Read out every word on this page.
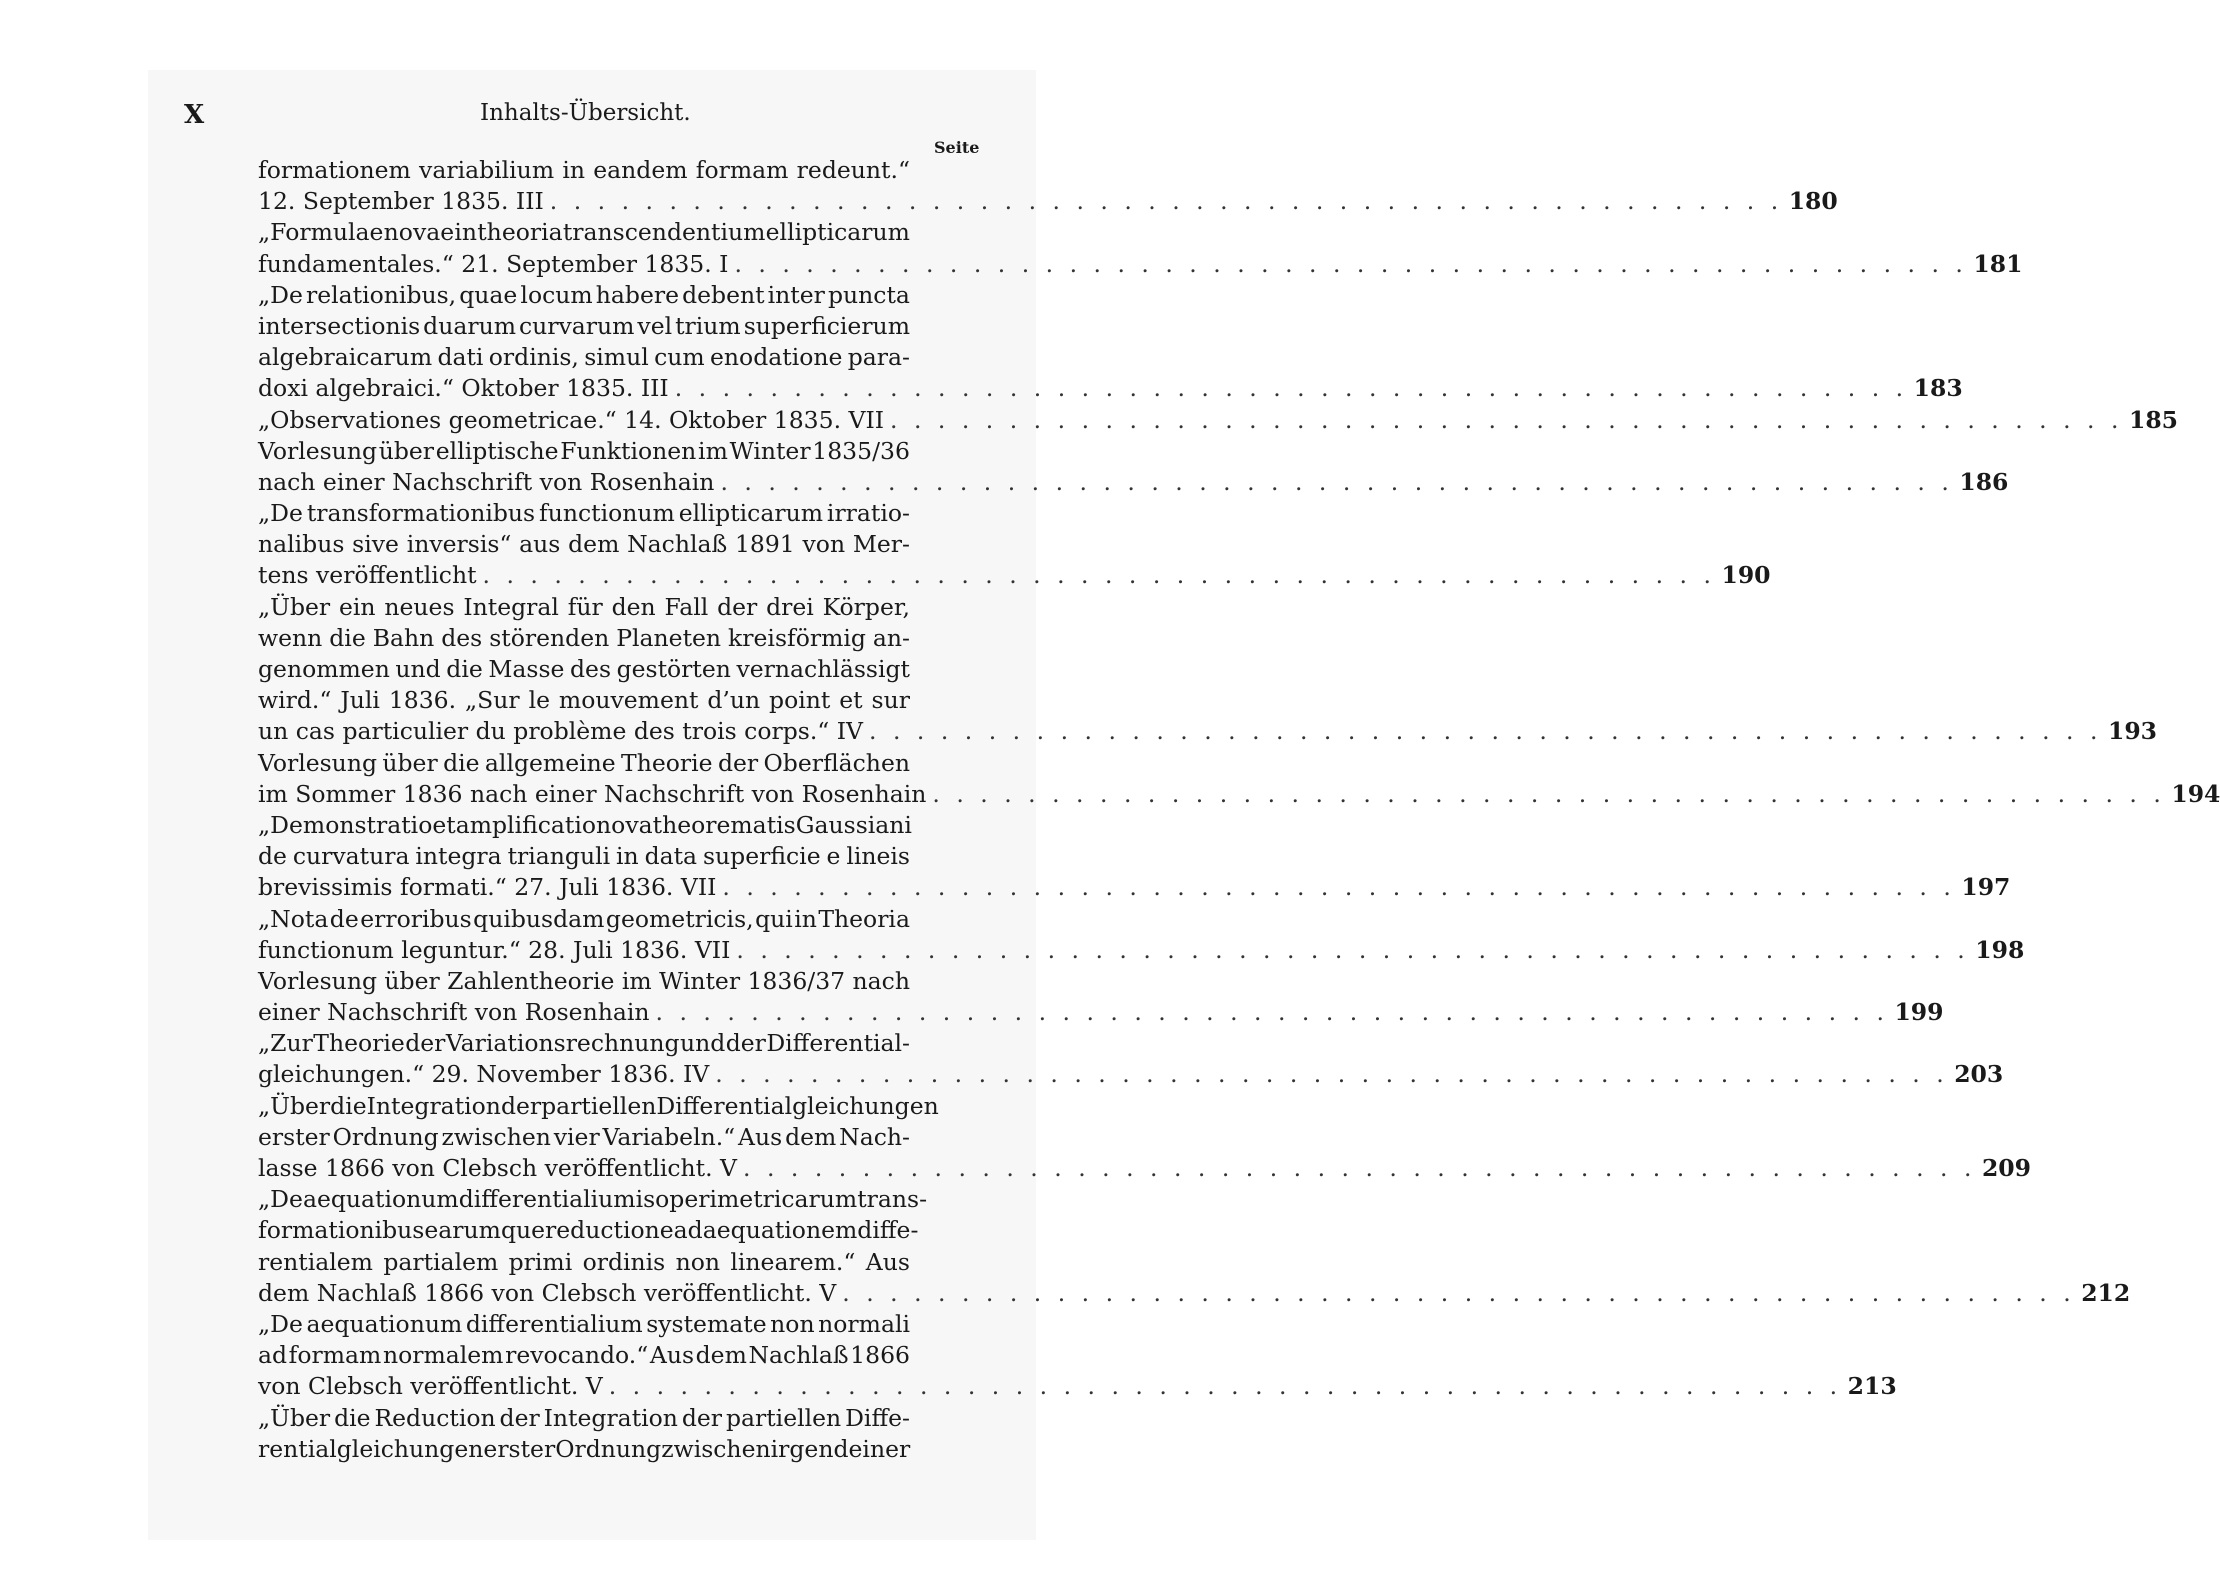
X	Inhalts-Übersicht.
Seite
formationem variabilium in eandem formam redeunt.“
12. September 1835. III . . .	180
„Formulae novae in theoria transcendentium ellipticarum
fundamentales.“ 21. September 1835. I . . .	181
„De relationibus, quae locum habere debent inter puncta
intersectionis duarum curvarum vel trium superficierum
algebraicarum dati ordinis, simul cum enodatione para-
doxi algebraici.“ Oktober 1835. III . . .	183
„Observationes geometricae.“ 14. Oktober 1835. VII . . .	185
Vorlesung über elliptische Funktionen im Winter 1835/36
nach einer Nachschrift von Rosenhain . . .	186
„De transformationibus functionum ellipticarum irratio-
nalibus sive inversis“ aus dem Nachlaß 1891 von Mer-
tens veröffentlicht . . .	190
„Über ein neues Integral für den Fall der drei Körper,
wenn die Bahn des störenden Planeten kreisförmig an-
genommen und die Masse des gestörten vernachlässigt
wird.“ Juli 1836. „Sur le mouvement d’un point et sur
un cas particulier du problème des trois corps.“ IV . . .	193
Vorlesung über die allgemeine Theorie der Oberflächen
im Sommer 1836 nach einer Nachschrift von Rosenhain . . .	194
„Demonstratio et amplificatio nova theorematis Gaussiani
de curvatura integra trianguli in data superficie e lineis
brevissimis formati.“ 27. Juli 1836. VII . . .	197
„Nota de erroribus quibusdam geometricis, qui in Theoria
functionum leguntur.“ 28. Juli 1836. VII . . .	198
Vorlesung über Zahlentheorie im Winter 1836/37 nach
einer Nachschrift von Rosenhain . . .	199
„Zur Theorie der Variationsrechnung und der Differential-
gleichungen.“ 29. November 1836. IV . . .	203
„Über die Integration der partiellen Differentialgleichungen
erster Ordnung zwischen vier Variabeln.“ Aus dem Nach-
lasse 1866 von Clebsch veröffentlicht. V . . .	209
„De aequationum differentialium isoperimetricarum trans-
formationibus earumque reductione ad aequationem diffe-
rentialem partialem primi ordinis non linearem.“ Aus
dem Nachlaß 1866 von Clebsch veröffentlicht. V . . .	212
„De aequationum differentialium systemate non normali
ad formam normalem revocando.“ Aus dem Nachlaß 1866
von Clebsch veröffentlicht. V . . .	213
„Über die Reduction der Integration der partiellen Diffe-
rentialgleichungen erster Ordnung zwischen irgend einer
